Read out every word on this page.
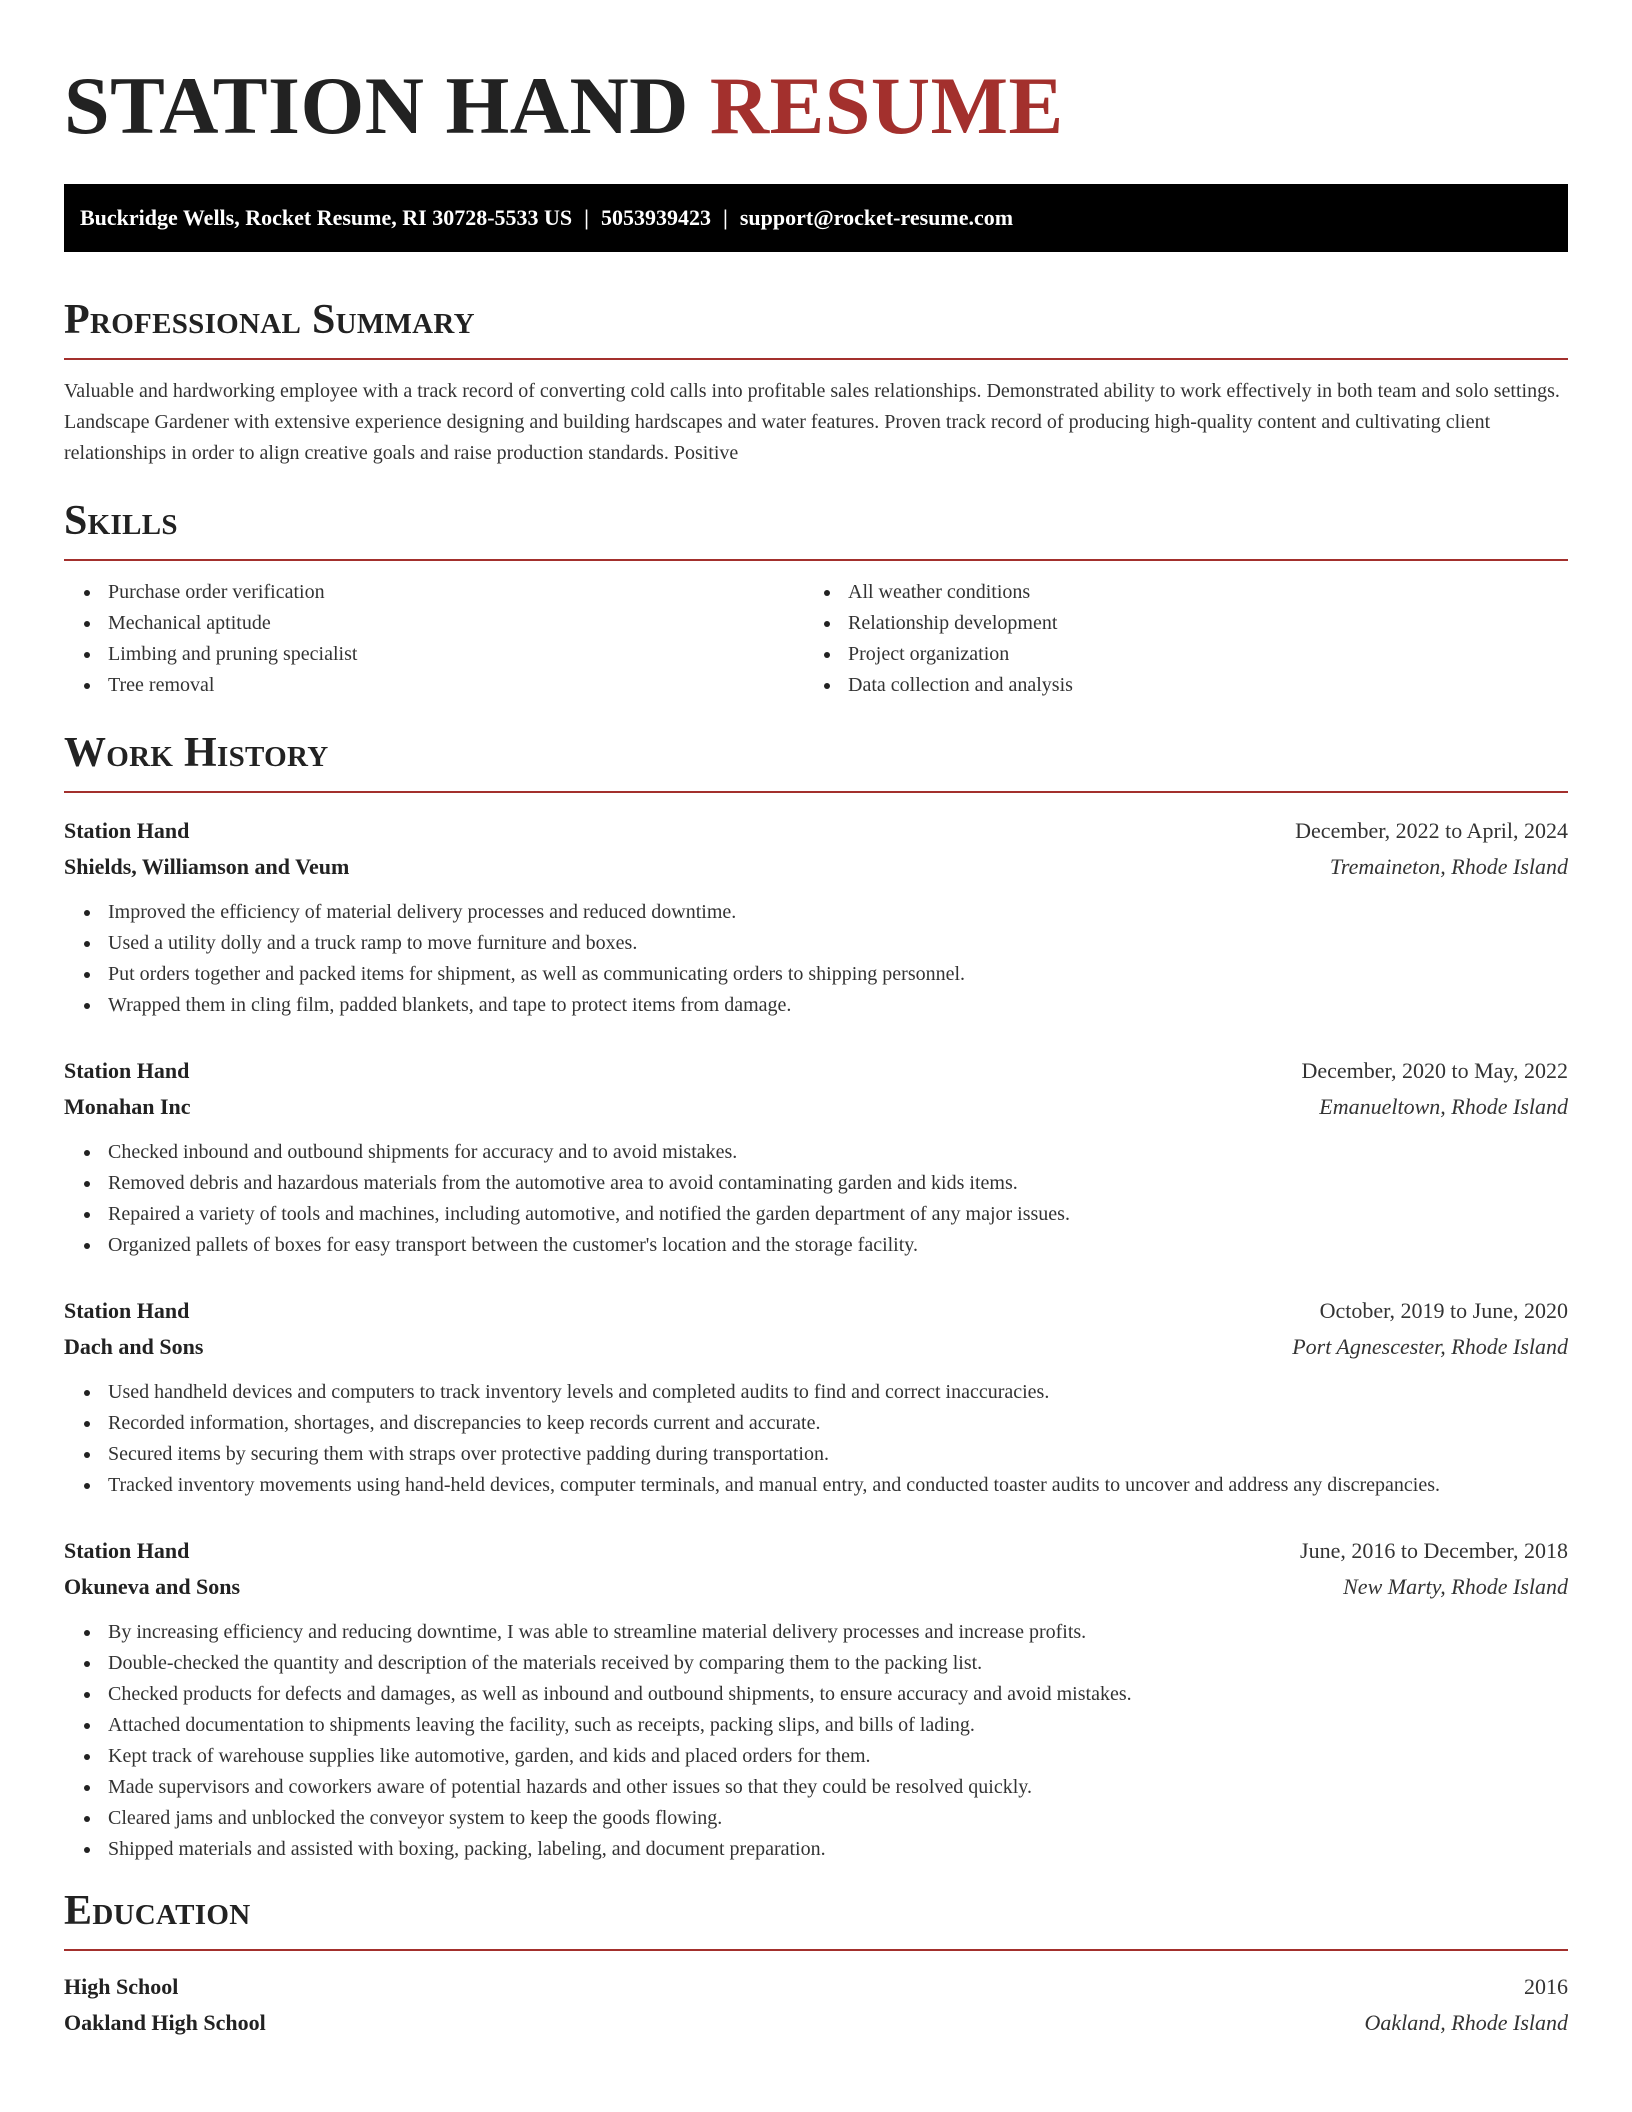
STATION HAND RESUME
Buckridge Wells, Rocket Resume, RI 30728-5533 US | 5053939423 | support@rocket-resume.com
Professional Summary

Valuable and hardworking employee with a track record of converting cold calls into profitable sales relationships. Demonstrated ability to work effectively in both team and solo settings. Landscape Gardener with extensive experience designing and building hardscapes and water features. Proven track record of producing high-quality content and cultivating client relationships in order to align creative goals and raise production standards. Positive

Skills
Purchase order verification
Mechanical aptitude
Limbing and pruning specialist
Tree removal
All weather conditions
Relationship development
Project organization
Data collection and analysis
Work History
Station Hand	December, 2022 to April, 2024
Shields, Williamson and Veum	Tremaineton, Rhode Island
Improved the efficiency of material delivery processes and reduced downtime.
Used a utility dolly and a truck ramp to move furniture and boxes.
Put orders together and packed items for shipment, as well as communicating orders to shipping personnel.
Wrapped them in cling film, padded blankets, and tape to protect items from damage.
Station Hand	December, 2020 to May, 2022
Monahan Inc	Emanueltown, Rhode Island
Checked inbound and outbound shipments for accuracy and to avoid mistakes.
Removed debris and hazardous materials from the automotive area to avoid contaminating garden and kids items.
Repaired a variety of tools and machines, including automotive, and notified the garden department of any major issues.
Organized pallets of boxes for easy transport between the customer's location and the storage facility.
Station Hand	October, 2019 to June, 2020
Dach and Sons	Port Agnescester, Rhode Island
Used handheld devices and computers to track inventory levels and completed audits to find and correct inaccuracies.
Recorded information, shortages, and discrepancies to keep records current and accurate.
Secured items by securing them with straps over protective padding during transportation.
Tracked inventory movements using hand-held devices, computer terminals, and manual entry, and conducted toaster audits to uncover and address any discrepancies.
Station Hand	June, 2016 to December, 2018
Okuneva and Sons	New Marty, Rhode Island
By increasing efficiency and reducing downtime, I was able to streamline material delivery processes and increase profits.
Double-checked the quantity and description of the materials received by comparing them to the packing list.
Checked products for defects and damages, as well as inbound and outbound shipments, to ensure accuracy and avoid mistakes.
Attached documentation to shipments leaving the facility, such as receipts, packing slips, and bills of lading.
Kept track of warehouse supplies like automotive, garden, and kids and placed orders for them.
Made supervisors and coworkers aware of potential hazards and other issues so that they could be resolved quickly.
Cleared jams and unblocked the conveyor system to keep the goods flowing.
Shipped materials and assisted with boxing, packing, labeling, and document preparation.
Education
High School	2016
Oakland High School	Oakland, Rhode Island
